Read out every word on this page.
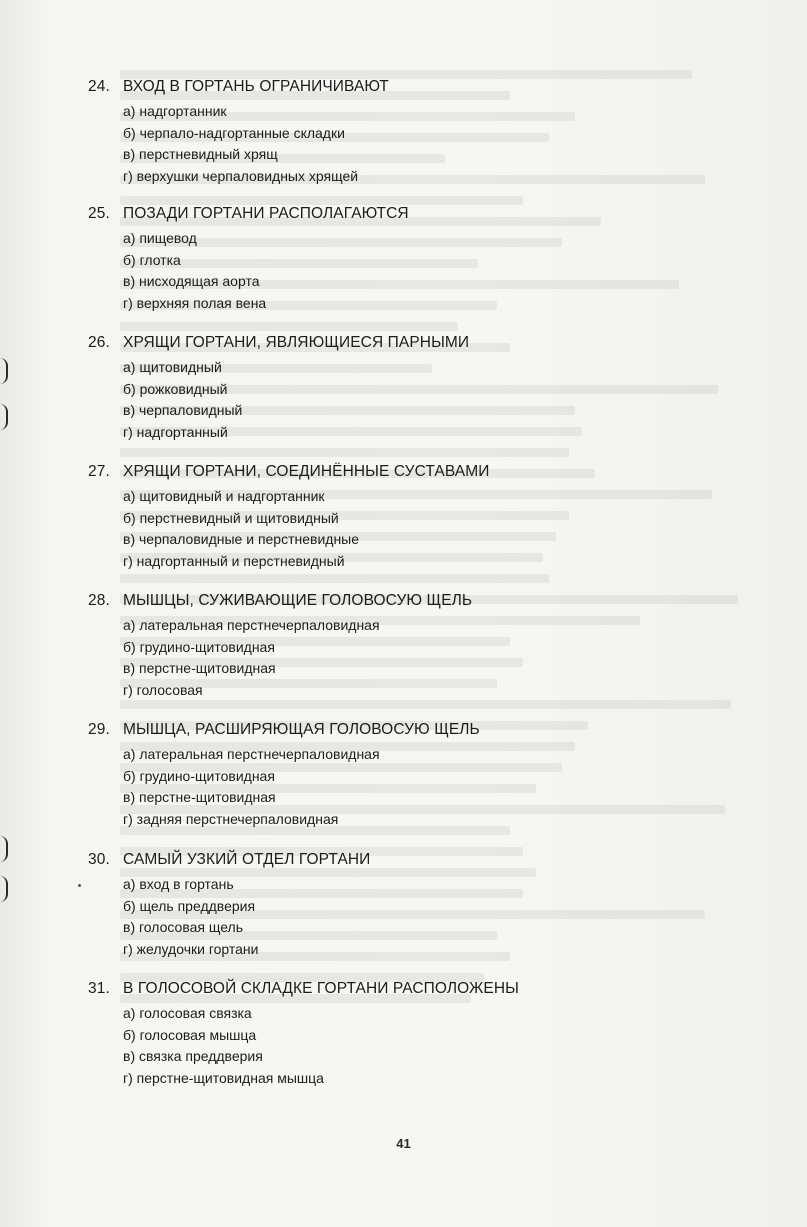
24. ВХОД В ГОРТАНЬ ОГРАНИЧИВАЮТ
а) надгортанник
б) черпало-надгортанные складки
в) перстневидный хрящ
г) верхушки черпаловидных хрящей
25. ПОЗАДИ ГОРТАНИ РАСПОЛАГАЮТСЯ
а) пищевод
б) глотка
в) нисходящая аорта
г) верхняя полая вена
26. ХРЯЩИ ГОРТАНИ, ЯВЛЯЮЩИЕСЯ ПАРНЫМИ
а) щитовидный
б) рожковидный
в) черпаловидный
г) надгортанный
27. ХРЯЩИ ГОРТАНИ, СОЕДИНЁННЫЕ СУСТАВАМИ
а) щитовидный и надгортанник
б) перстневидный и щитовидный
в) черпаловидные и перстневидные
г) надгортанный и перстневидный
28. МЫШЦЫ, СУЖИВАЮЩИЕ ГОЛОВОСУЮ ЩЕЛЬ
а) латеральная перстнечерпаловидная
б) грудино-щитовидная
в) перстне-щитовидная
г) голосовая
29. МЫШЦА, РАСШИРЯЮЩАЯ ГОЛОВОСУЮ ЩЕЛЬ
а) латеральная перстнечерпаловидная
б) грудино-щитовидная
в) перстне-щитовидная
г) задняя перстнечерпаловидная
30. САМЫЙ УЗКИЙ ОТДЕЛ ГОРТАНИ
а) вход в гортань
б) щель преддверия
в) голосовая щель
г) желудочки гортани
31. В ГОЛОСОВОЙ СКЛАДКЕ ГОРТАНИ РАСПОЛОЖЕНЫ
а) голосовая связка
б) голосовая мышца
в) связка преддверия
г) перстне-щитовидная мышца
41
